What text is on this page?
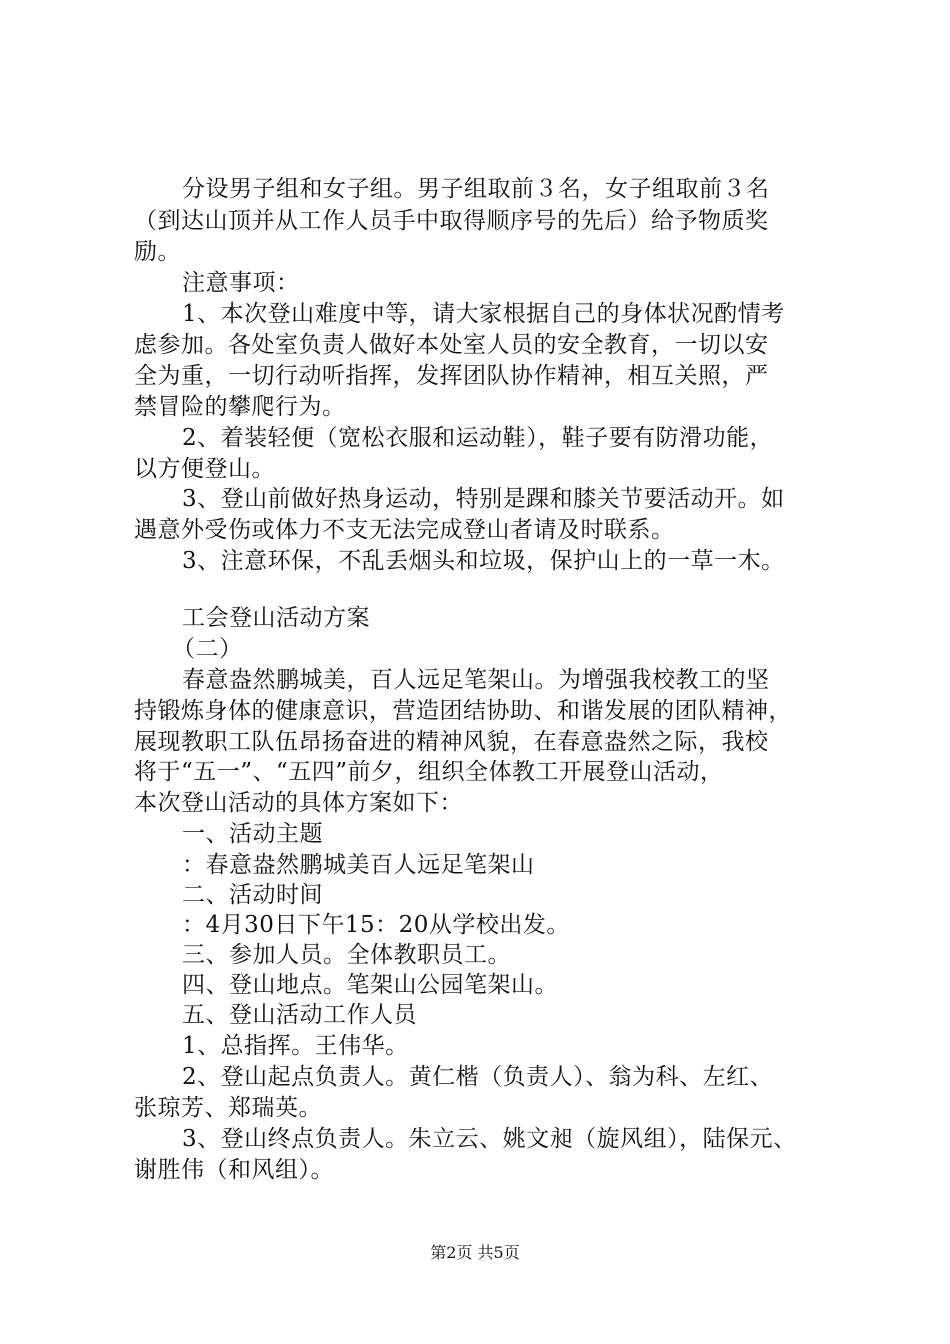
分设男子组和女子组。男子组取前３名，女子组取前３名
（到达山顶并从工作人员手中取得顺序号的先后）给予物质奖
励。
注意事项：
1、本次登山难度中等，请大家根据自己的身体状况酌情考
虑参加。各处室负责人做好本处室人员的安全教育，一切以安
全为重，一切行动听指挥，发挥团队协作精神，相互关照，严
禁冒险的攀爬行为。
2、着装轻便（宽松衣服和运动鞋），鞋子要有防滑功能，
以方便登山。
3、登山前做好热身运动，特别是踝和膝关节要活动开。如
遇意外受伤或体力不支无法完成登山者请及时联系。
3、注意环保，不乱丢烟头和垃圾，保护山上的一草一木。
工会登山活动方案
（二）
春意盎然鹏城美，百人远足笔架山。为增强我校教工的坚
持锻炼身体的健康意识，营造团结协助、和谐发展的团队精神，
展现教职工队伍昂扬奋进的精神风貌，在春意盎然之际，我校
将于“五一”、“五四”前夕，组织全体教工开展登山活动，
本次登山活动的具体方案如下：
一、活动主题
：春意盎然鹏城美百人远足笔架山
二、活动时间
：4月30日下午15：20从学校出发。
三、参加人员。全体教职员工。
四、登山地点。笔架山公园笔架山。
五、登山活动工作人员
1、总指挥。王伟华。
2、登山起点负责人。黄仁楷（负责人）、翁为科、左红、
张琼芳、郑瑞英。
3、登山终点负责人。朱立云、姚文昶（旋风组），陆保元、
谢胜伟（和风组）。
第2页 共5页
